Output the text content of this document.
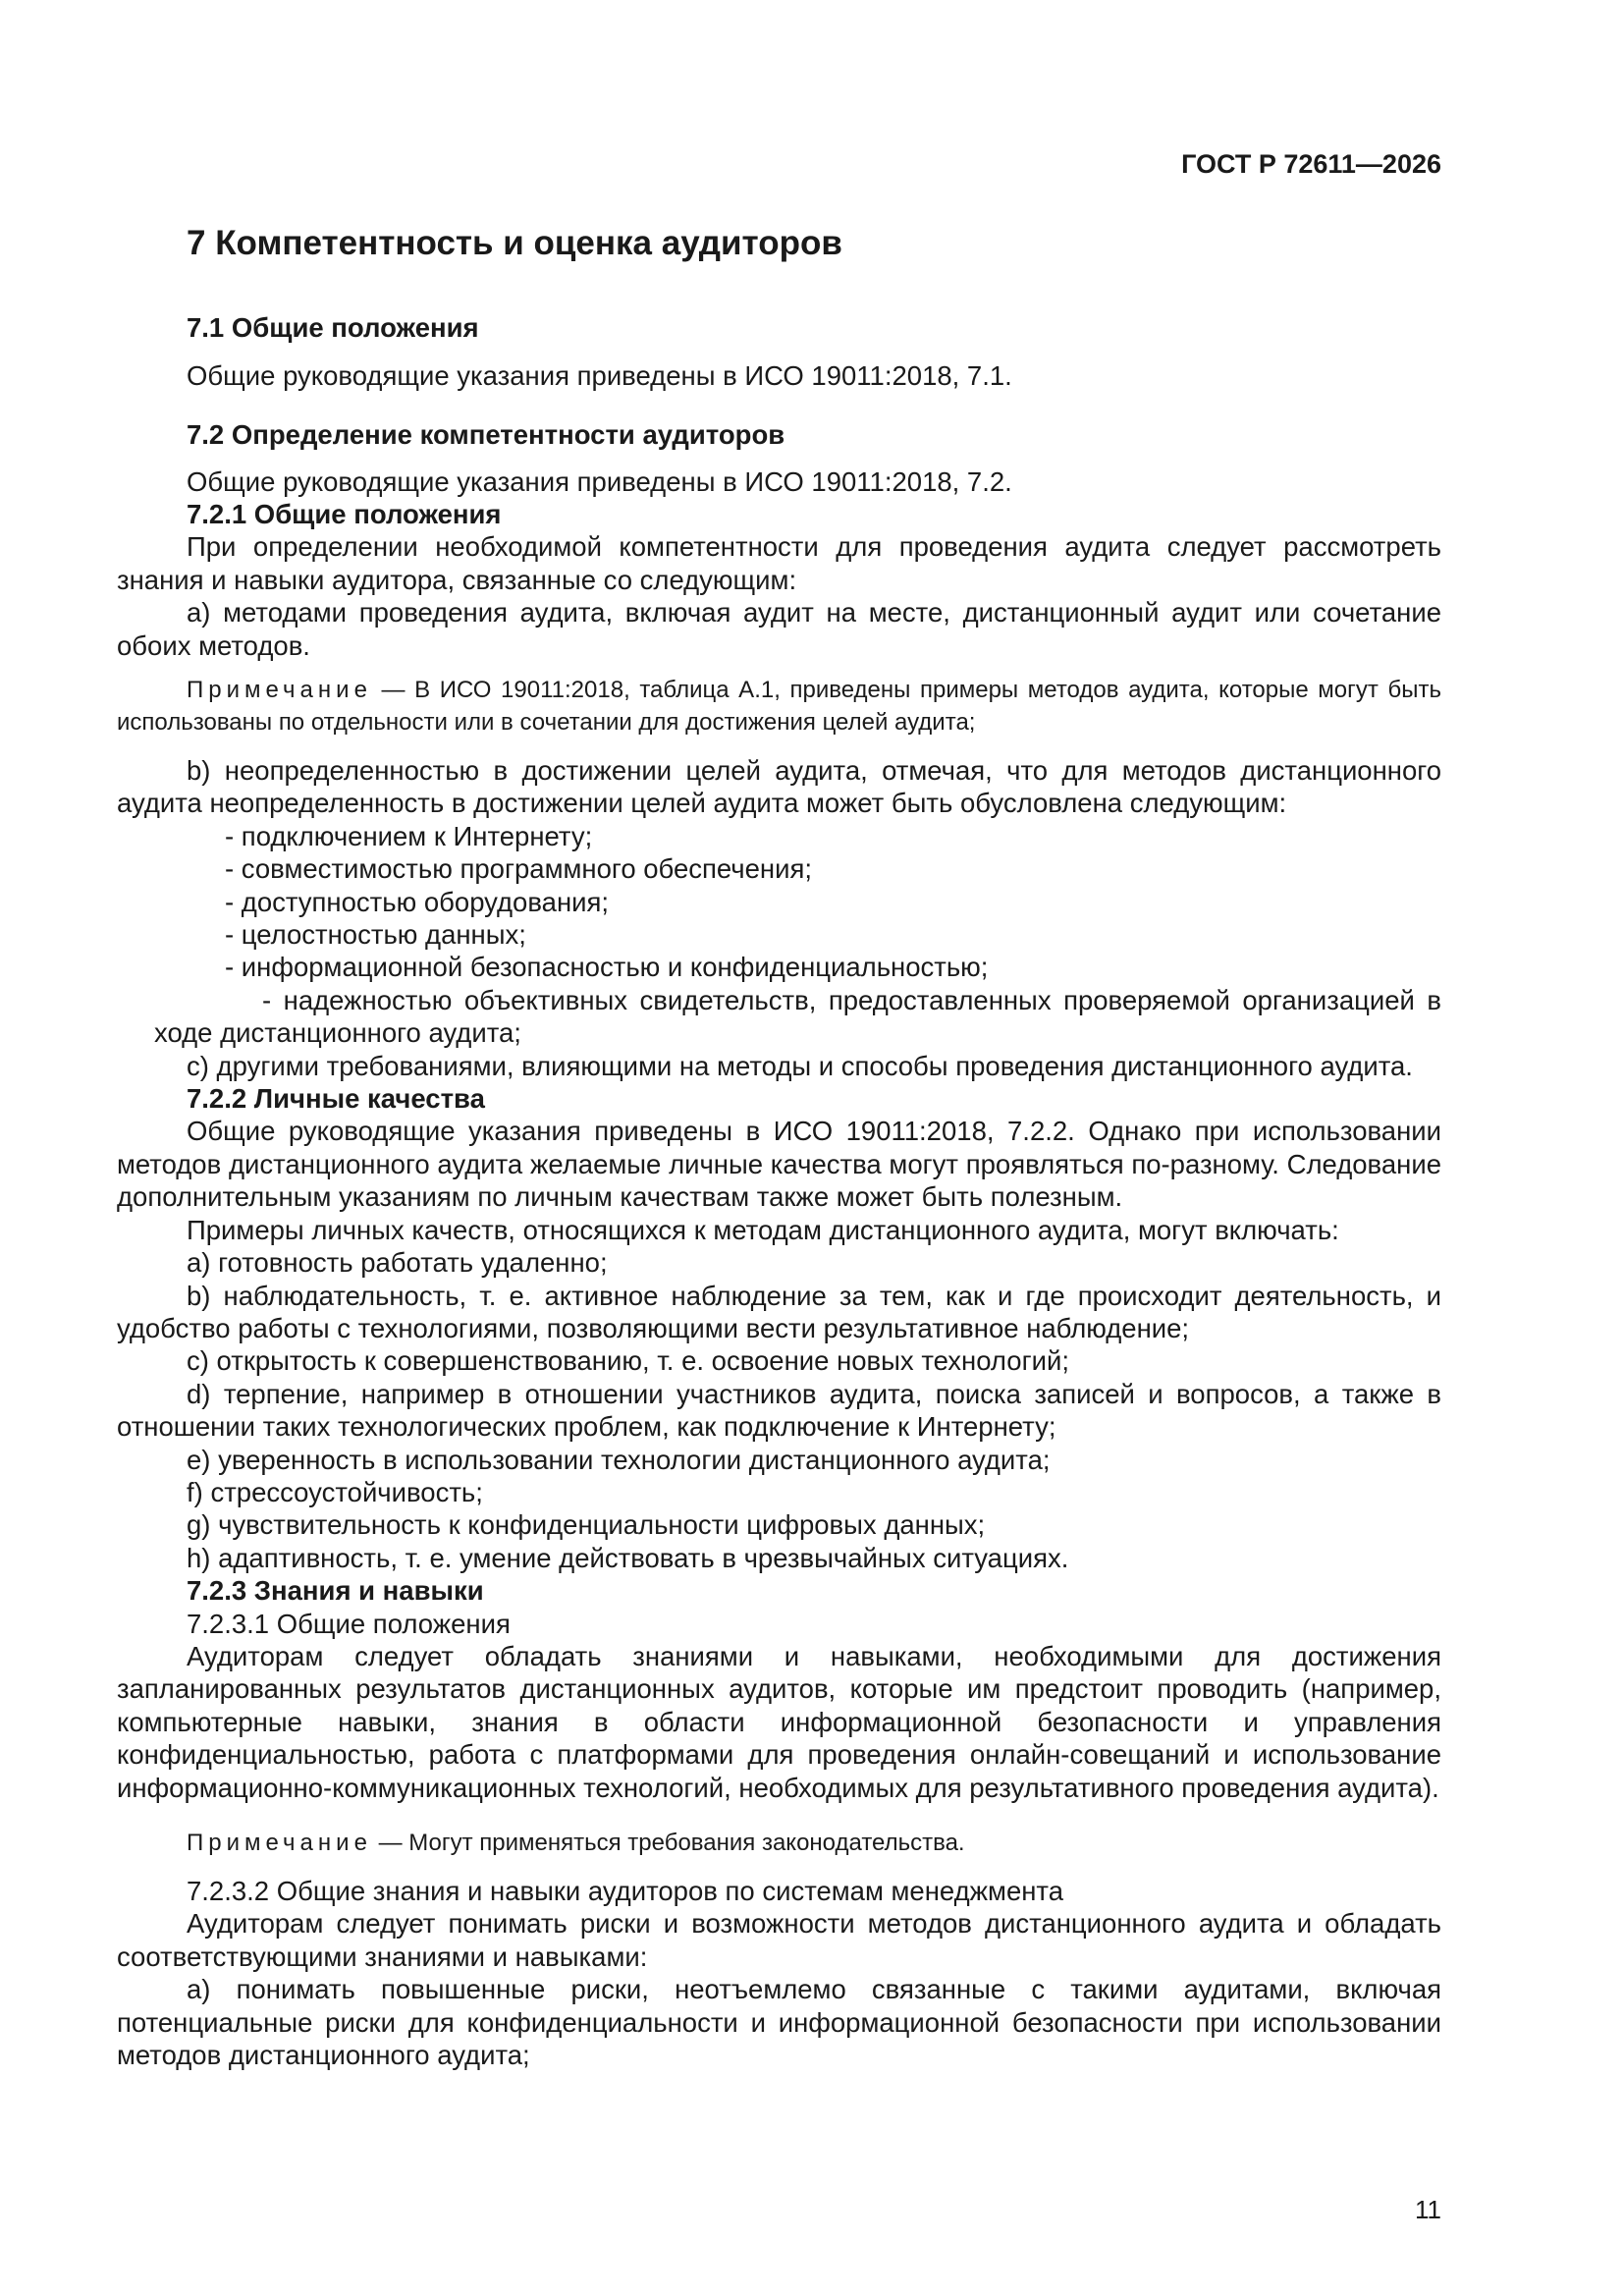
ГОСТ Р 72611—2026
7 Компетентность и оценка аудиторов
7.1 Общие положения
Общие руководящие указания приведены в ИСО 19011:2018, 7.1.
7.2 Определение компетентности аудиторов
Общие руководящие указания приведены в ИСО 19011:2018, 7.2.

7.2.1 Общие положения

При определении необходимой компетентности для проведения аудита следует рассмотреть знания и навыки аудитора, связанные со следующим:

а) методами проведения аудита, включая аудит на месте, дистанционный аудит или сочетание обоих методов.

Примечание — В ИСО 19011:2018, таблица А.1, приведены примеры методов аудита, которые могут быть использованы по отдельности или в сочетании для достижения целей аудита;

b) неопределенностью в достижении целей аудита, отмечая, что для методов дистанционного аудита неопределенность в достижении целей аудита может быть обусловлена следующим:

- подключением к Интернету;

- совместимостью программного обеспечения;

- доступностью оборудования;

- целостностью данных;

- информационной безопасностью и конфиденциальностью;

- надежностью объективных свидетельств, предоставленных проверяемой организацией в ходе дистанционного аудита;

с) другими требованиями, влияющими на методы и способы проведения дистанционного аудита.

7.2.2 Личные качества

Общие руководящие указания приведены в ИСО 19011:2018, 7.2.2. Однако при использовании методов дистанционного аудита желаемые личные качества могут проявляться по-разному. Следование дополнительным указаниям по личным качествам также может быть полезным.

Примеры личных качеств, относящихся к методам дистанционного аудита, могут включать:

а) готовность работать удаленно;

b) наблюдательность, т. е. активное наблюдение за тем, как и где происходит деятельность, и удобство работы с технологиями, позволяющими вести результативное наблюдение;

с) открытость к совершенствованию, т. е. освоение новых технологий;

d) терпение, например в отношении участников аудита, поиска записей и вопросов, а также в отношении таких технологических проблем, как подключение к Интернету;

е) уверенность в использовании технологии дистанционного аудита;

f) стрессоустойчивость;

g) чувствительность к конфиденциальности цифровых данных;

h) адаптивность, т. е. умение действовать в чрезвычайных ситуациях.

7.2.3 Знания и навыки

7.2.3.1 Общие положения

Аудиторам следует обладать знаниями и навыками, необходимыми для достижения запланированных результатов дистанционных аудитов, которые им предстоит проводить (например, компьютерные навыки, знания в области информационной безопасности и управления конфиденциальностью, работа с платформами для проведения онлайн-совещаний и использование информационно-коммуникационных технологий, необходимых для результативного проведения аудита).

Примечание — Могут применяться требования законодательства.

7.2.3.2 Общие знания и навыки аудиторов по системам менеджмента

Аудиторам следует понимать риски и возможности методов дистанционного аудита и обладать соответствующими знаниями и навыками:

а) понимать повышенные риски, неотъемлемо связанные с такими аудитами, включая потенциальные риски для конфиденциальности и информационной безопасности при использовании методов дистанционного аудита;

11
